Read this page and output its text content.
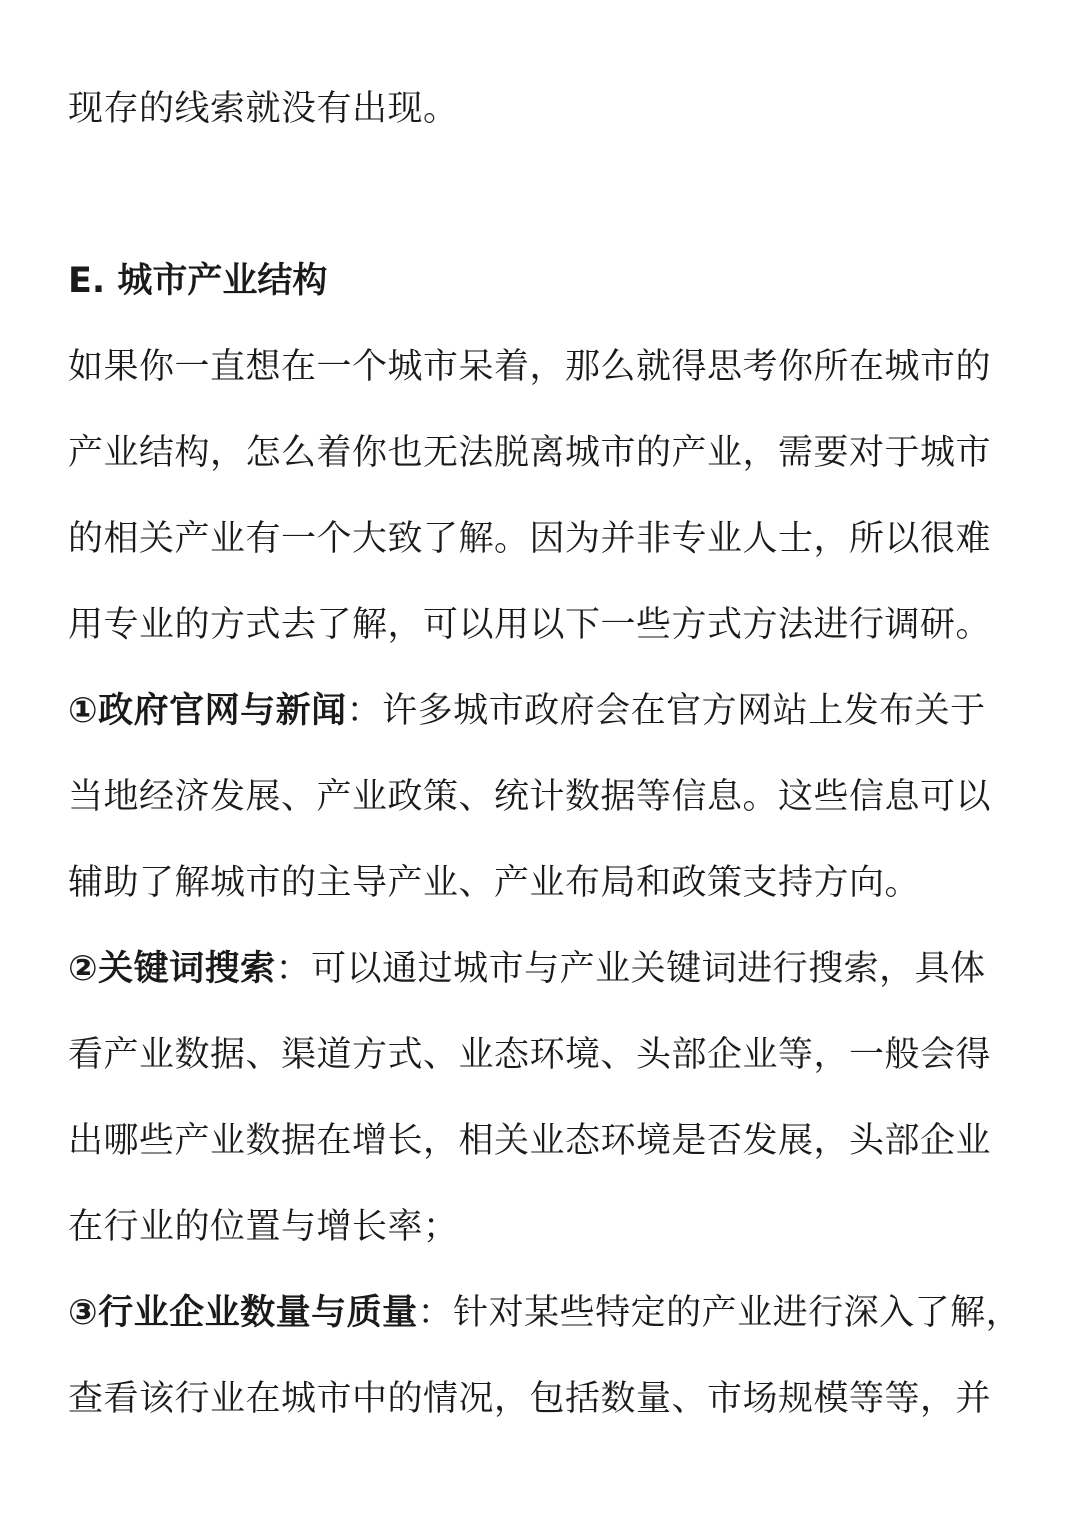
现存的线索就没有出现。
E. 城市产业结构
如果你一直想在一个城市呆着，那么就得思考你所在城市的
产业结构，怎么着你也无法脱离城市的产业，需要对于城市
的相关产业有一个大致了解。因为并非专业人士，所以很难
用专业的方式去了解，可以用以下一些方式方法进行调研。
①政府官网与新闻：许多城市政府会在官方网站上发布关于
当地经济发展、产业政策、统计数据等信息。这些信息可以
辅助了解城市的主导产业、产业布局和政策支持方向。
②关键词搜索：可以通过城市与产业关键词进行搜索，具体
看产业数据、渠道方式、业态环境、头部企业等，一般会得
出哪些产业数据在增长，相关业态环境是否发展，头部企业
在行业的位置与增长率；
③行业企业数量与质量：针对某些特定的产业进行深入了解，
查看该行业在城市中的情况，包括数量、市场规模等等，并
